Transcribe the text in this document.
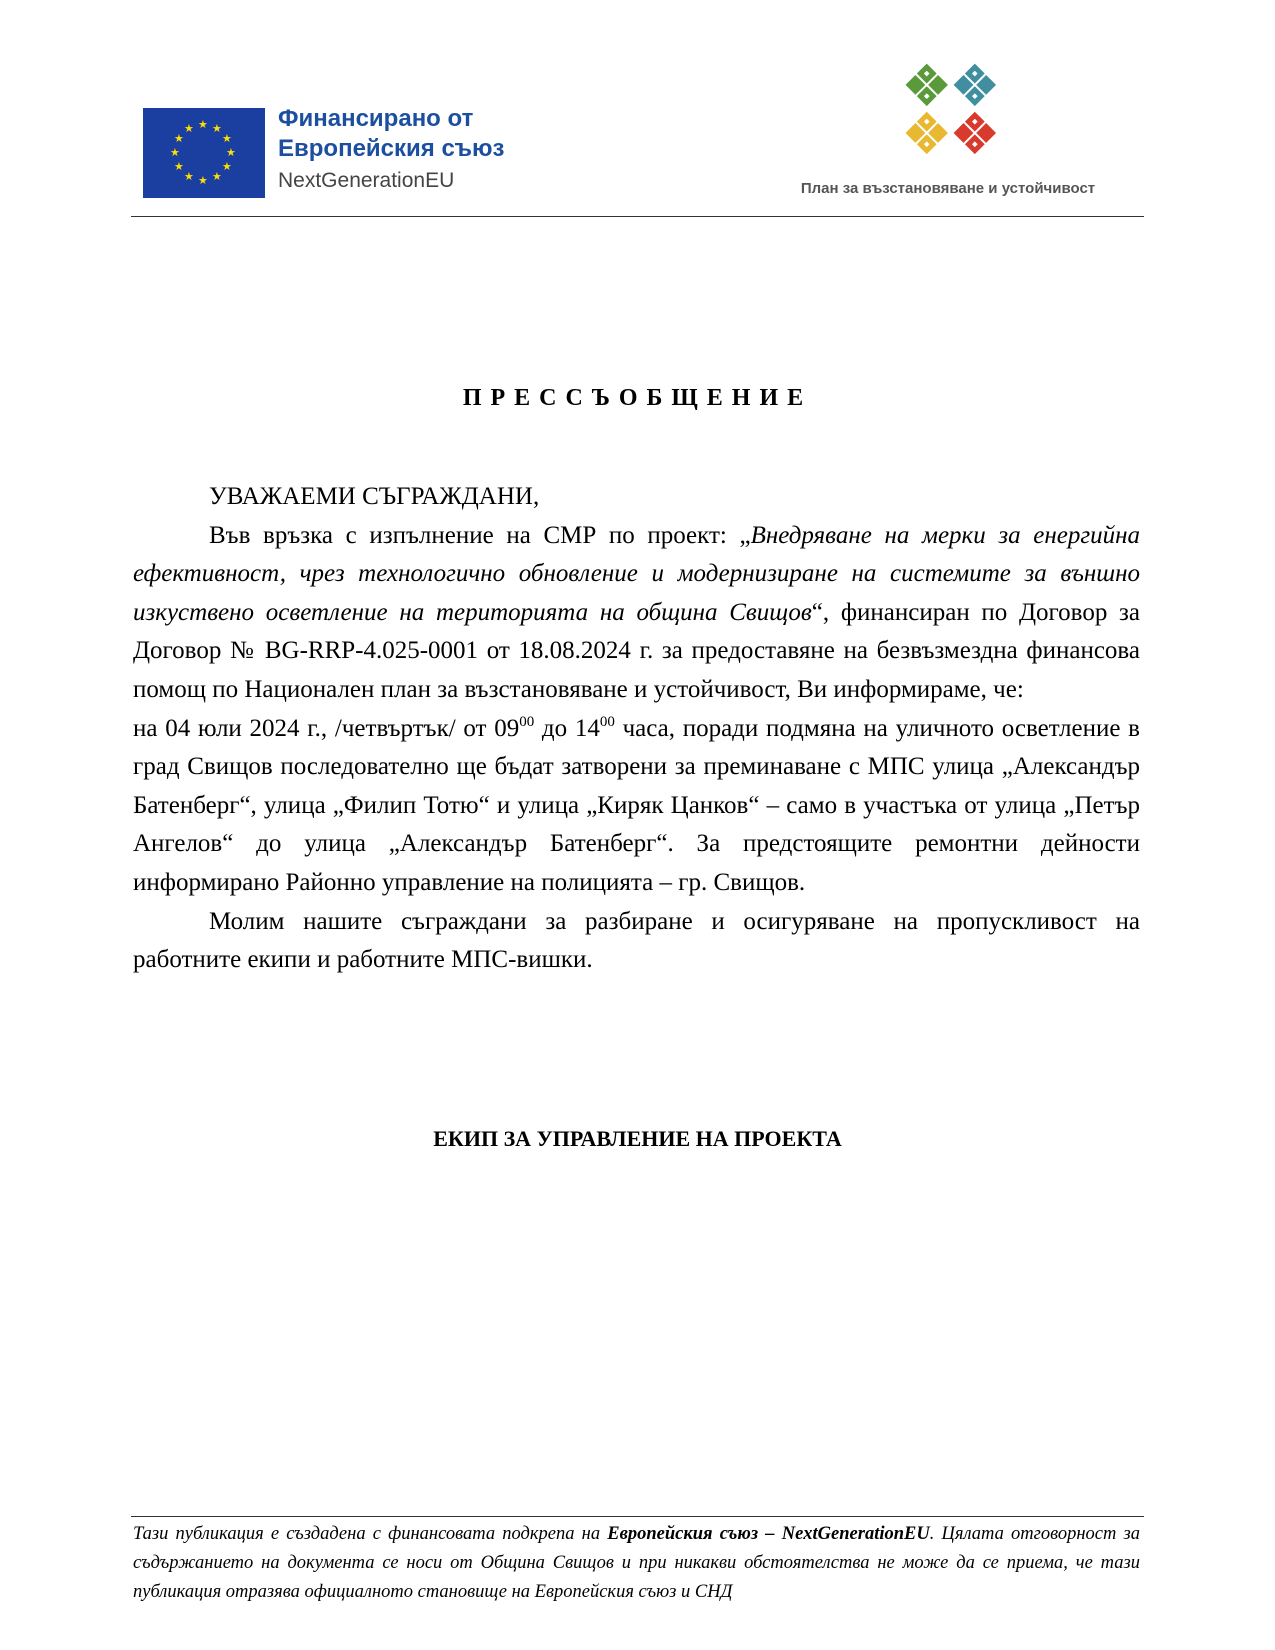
★ ★
★
★
★
★
★
★
★
★
★
★	Финансирано от
Европейския съюз
NextGenerationEU	План за възстановяване и устойчивост
ПРЕССЪОБЩЕНИЕ

УВАЖАЕМИ СЪГРАЖДАНИ,

Във връзка с изпълнение на СМР по проект: „Внедряване на мерки за енергийна ефективност, чрез технологично обновление и модернизиране на системите за външно изкуствено осветление на територията на община Свищов“, финансиран по Договор за Договор № BG-RRP-4.025-0001 от 18.08.2024 г. за предоставяне на безвъзмездна финансова помощ по Национален план за възстановяване и устойчивост, Ви информираме, че:

на 04 юли 2024 г., /четвъртък/ от $09^{00}$ до $14^{00}$ часа, поради подмяна на уличното осветление в град Свищов последователно ще бъдат затворени за преминаване с МПС улица „Александър Батенберг“, улица „Филип Тотю“ и улица „Киряк Цанков“ – само в участъка от улица „Петър Ангелов“ до улица „Александър Батенберг“. За предстоящите ремонтни дейности информирано Районно управление на полицията – гр. Свищов.

Молим нашите съграждани за разбиране и осигуряване на пропускливост на работните екипи и работните МПС-вишки.

ЕКИП ЗА УПРАВЛЕНИЕ НА ПРОЕКТА
Тази публикация е създадена с финансовата подкрепа на Европейския съюз – NextGenerationEU. Цялата отговорност за съдържанието на документа се носи от Община Свищов и при никакви обстоятелства не може да се приема, че тази публикация отразява официалното становище на Европейския съюз и СНД
